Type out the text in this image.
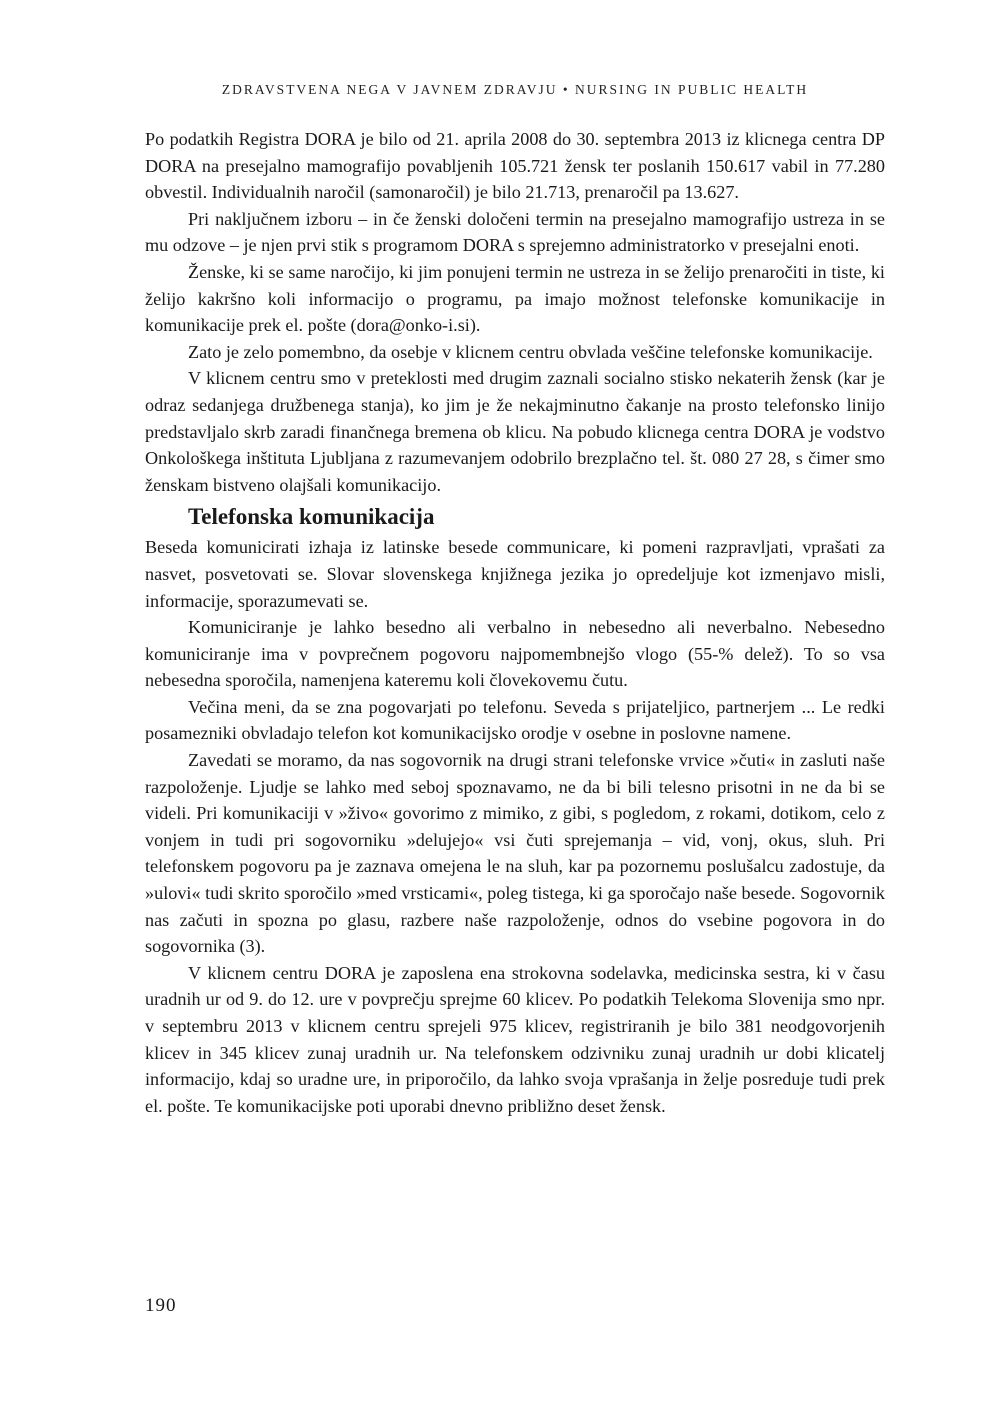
ZDRAVSTVENA NEGA V JAVNEM ZDRAVJU • NURSING IN PUBLIC HEALTH

Po podatkih Registra DORA je bilo od 21. aprila 2008 do 30. septembra 2013 iz klicnega centra DP DORA na presejalno mamografijo povabljenih 105.721 žensk ter poslanih 150.617 vabil in 77.280 obvestil. Individualnih naročil (samonaročil) je bilo 21.713, prenaročil pa 13.627.

Pri naključnem izboru – in če ženski določeni termin na presejalno mamografijo ustreza in se mu odzove – je njen prvi stik s programom DORA s sprejemno administratorko v presejalni enoti.

Ženske, ki se same naročijo, ki jim ponujeni termin ne ustreza in se želijo prenaročiti in tiste, ki želijo kakršno koli informacijo o programu, pa imajo možnost telefonske komunikacije in komunikacije prek el. pošte (dora@onko-i.si).

Zato je zelo pomembno, da osebje v klicnem centru obvlada veščine telefonske komunikacije.

V klicnem centru smo v preteklosti med drugim zaznali socialno stisko nekaterih žensk (kar je odraz sedanjega družbenega stanja), ko jim je že nekajminutno čakanje na prosto telefonsko linijo predstavljalo skrb zaradi finančnega bremena ob klicu. Na pobudo klicnega centra DORA je vodstvo Onkološkega inštituta Ljubljana z razumevanjem odobrilo brezplačno tel. št. 080 27 28, s čimer smo ženskam bistveno olajšali komunikacijo.

Telefonska komunikacija

Beseda komunicirati izhaja iz latinske besede communicare, ki pomeni razpravljati, vprašati za nasvet, posvetovati se. Slovar slovenskega knjižnega jezika jo opredeljuje kot izmenjavo misli, informacije, sporazumevati se.

Komuniciranje je lahko besedno ali verbalno in nebesedno ali neverbalno. Nebesedno komuniciranje ima v povprečnem pogovoru najpomembnejšo vlogo (55-% delež). To so vsa nebesedna sporočila, namenjena kateremu koli človekovemu čutu.

Večina meni, da se zna pogovarjati po telefonu. Seveda s prijateljico, partnerjem ... Le redki posamezniki obvladajo telefon kot komunikacijsko orodje v osebne in poslovne namene.

Zavedati se moramo, da nas sogovornik na drugi strani telefonske vrvice »čuti« in zasluti naše razpoloženje. Ljudje se lahko med seboj spoznavamo, ne da bi bili telesno prisotni in ne da bi se videli. Pri komunikaciji v »živo« govorimo z mimiko, z gibi, s pogledom, z rokami, dotikom, celo z vonjem in tudi pri sogovorniku »delujejo« vsi čuti sprejemanja – vid, vonj, okus, sluh. Pri telefonskem pogovoru pa je zaznava omejena le na sluh, kar pa pozornemu poslušalcu zadostuje, da »ulovi« tudi skrito sporočilo »med vrsticami«, poleg tistega, ki ga sporočajo naše besede. Sogovornik nas začuti in spozna po glasu, razbere naše razpoloženje, odnos do vsebine pogovora in do sogovornika (3).

V klicnem centru DORA je zaposlena ena strokovna sodelavka, medicinska sestra, ki v času uradnih ur od 9. do 12. ure v povprečju sprejme 60 klicev. Po podatkih Telekoma Slovenija smo npr. v septembru 2013 v klicnem centru sprejeli 975 klicev, registriranih je bilo 381 neodgovorjenih klicev in 345 klicev zunaj uradnih ur. Na telefonskem odzivniku zunaj uradnih ur dobi klicatelj informacijo, kdaj so uradne ure, in priporočilo, da lahko svoja vprašanja in želje posreduje tudi prek el. pošte. Te komunikacijske poti uporabi dnevno približno deset žensk.

190
